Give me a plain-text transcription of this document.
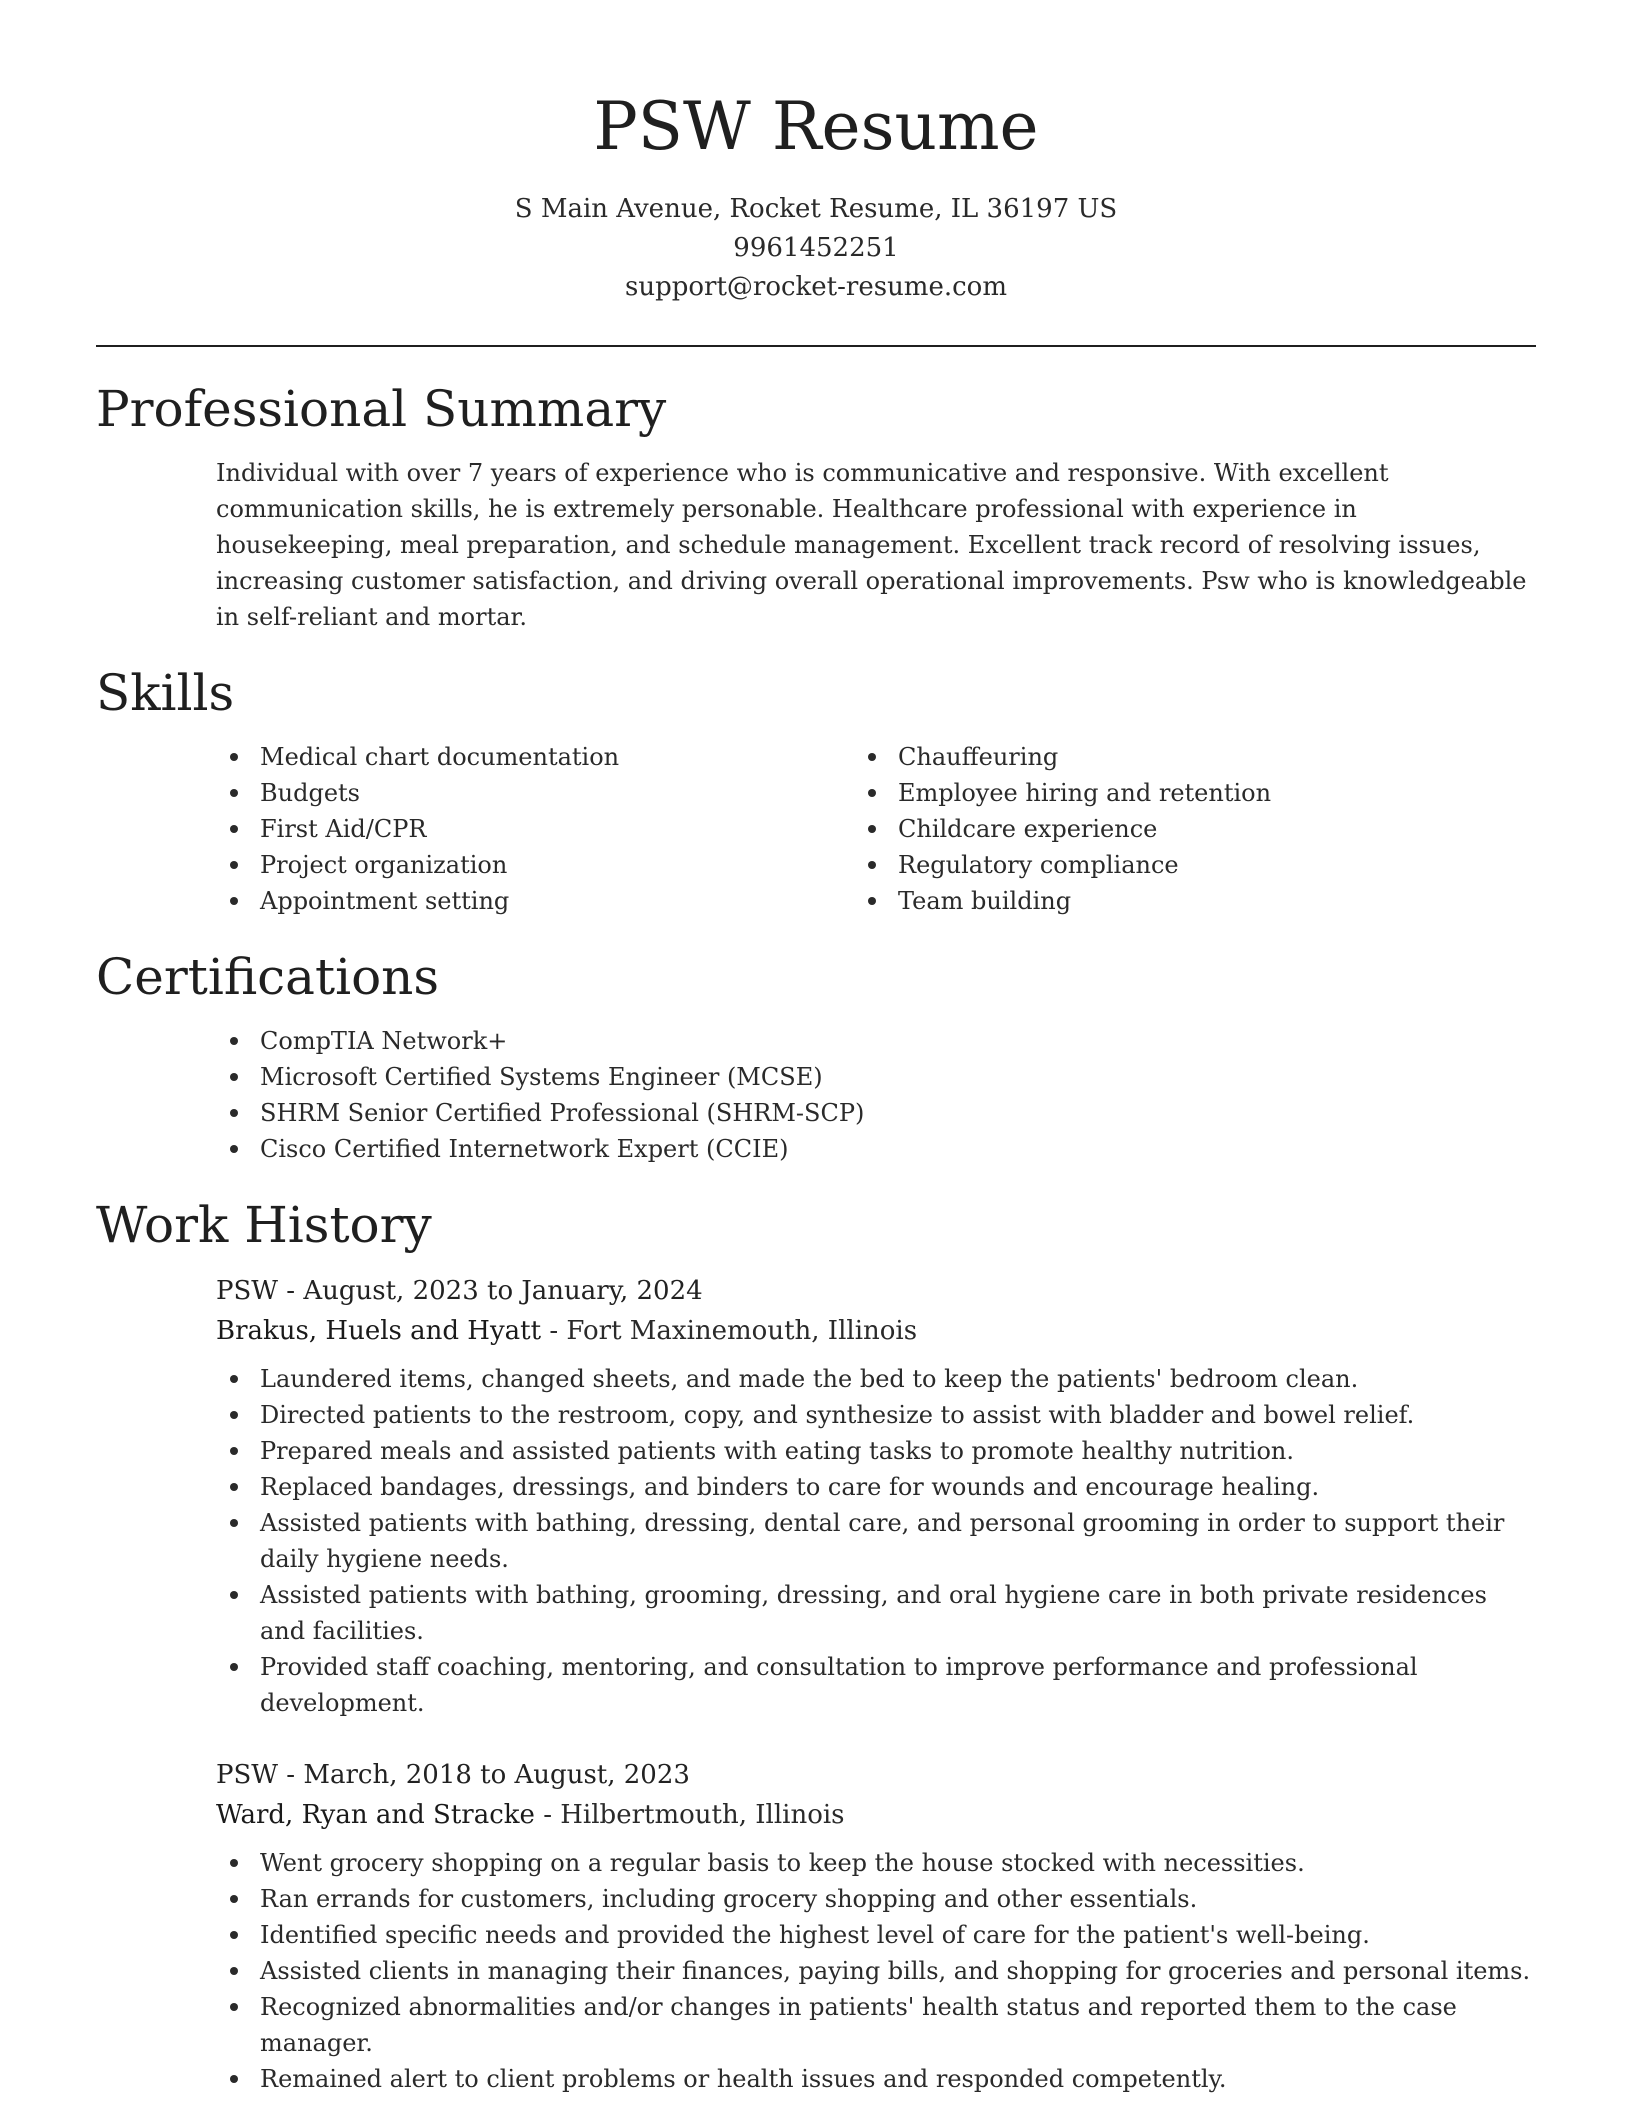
PSW Resume
S Main Avenue, Rocket Resume, IL 36197 US
9961452251
support@rocket-resume.com
Professional Summary

Individual with over 7 years of experience who is communicative and responsive. With excellent communication skills, he is extremely personable. Healthcare professional with experience in housekeeping, meal preparation, and schedule management. Excellent track record of resolving issues, increasing customer satisfaction, and driving overall operational improvements. Psw who is knowledgeable in self-reliant and mortar.

Skills
Medical chart documentation
Budgets
First Aid/CPR
Project organization
Appointment setting
Chauffeuring
Employee hiring and retention
Childcare experience
Regulatory compliance
Team building
Certifications
CompTIA Network+
Microsoft Certified Systems Engineer (MCSE)
SHRM Senior Certified Professional (SHRM-SCP)
Cisco Certified Internetwork Expert (CCIE)
Work History
PSW - August, 2023 to January, 2024
Brakus, Huels and Hyatt - Fort Maxinemouth, Illinois
Laundered items, changed sheets, and made the bed to keep the patients' bedroom clean.
Directed patients to the restroom, copy, and synthesize to assist with bladder and bowel relief.
Prepared meals and assisted patients with eating tasks to promote healthy nutrition.
Replaced bandages, dressings, and binders to care for wounds and encourage healing.
Assisted patients with bathing, dressing, dental care, and personal grooming in order to support their daily hygiene needs.
Assisted patients with bathing, grooming, dressing, and oral hygiene care in both private residences and facilities.
Provided staff coaching, mentoring, and consultation to improve performance and professional development.
PSW - March, 2018 to August, 2023
Ward, Ryan and Stracke - Hilbertmouth, Illinois
Went grocery shopping on a regular basis to keep the house stocked with necessities.
Ran errands for customers, including grocery shopping and other essentials.
Identified specific needs and provided the highest level of care for the patient's well-being.
Assisted clients in managing their finances, paying bills, and shopping for groceries and personal items.
Recognized abnormalities and/or changes in patients' health status and reported them to the case manager.
Remained alert to client problems or health issues and responded competently.
